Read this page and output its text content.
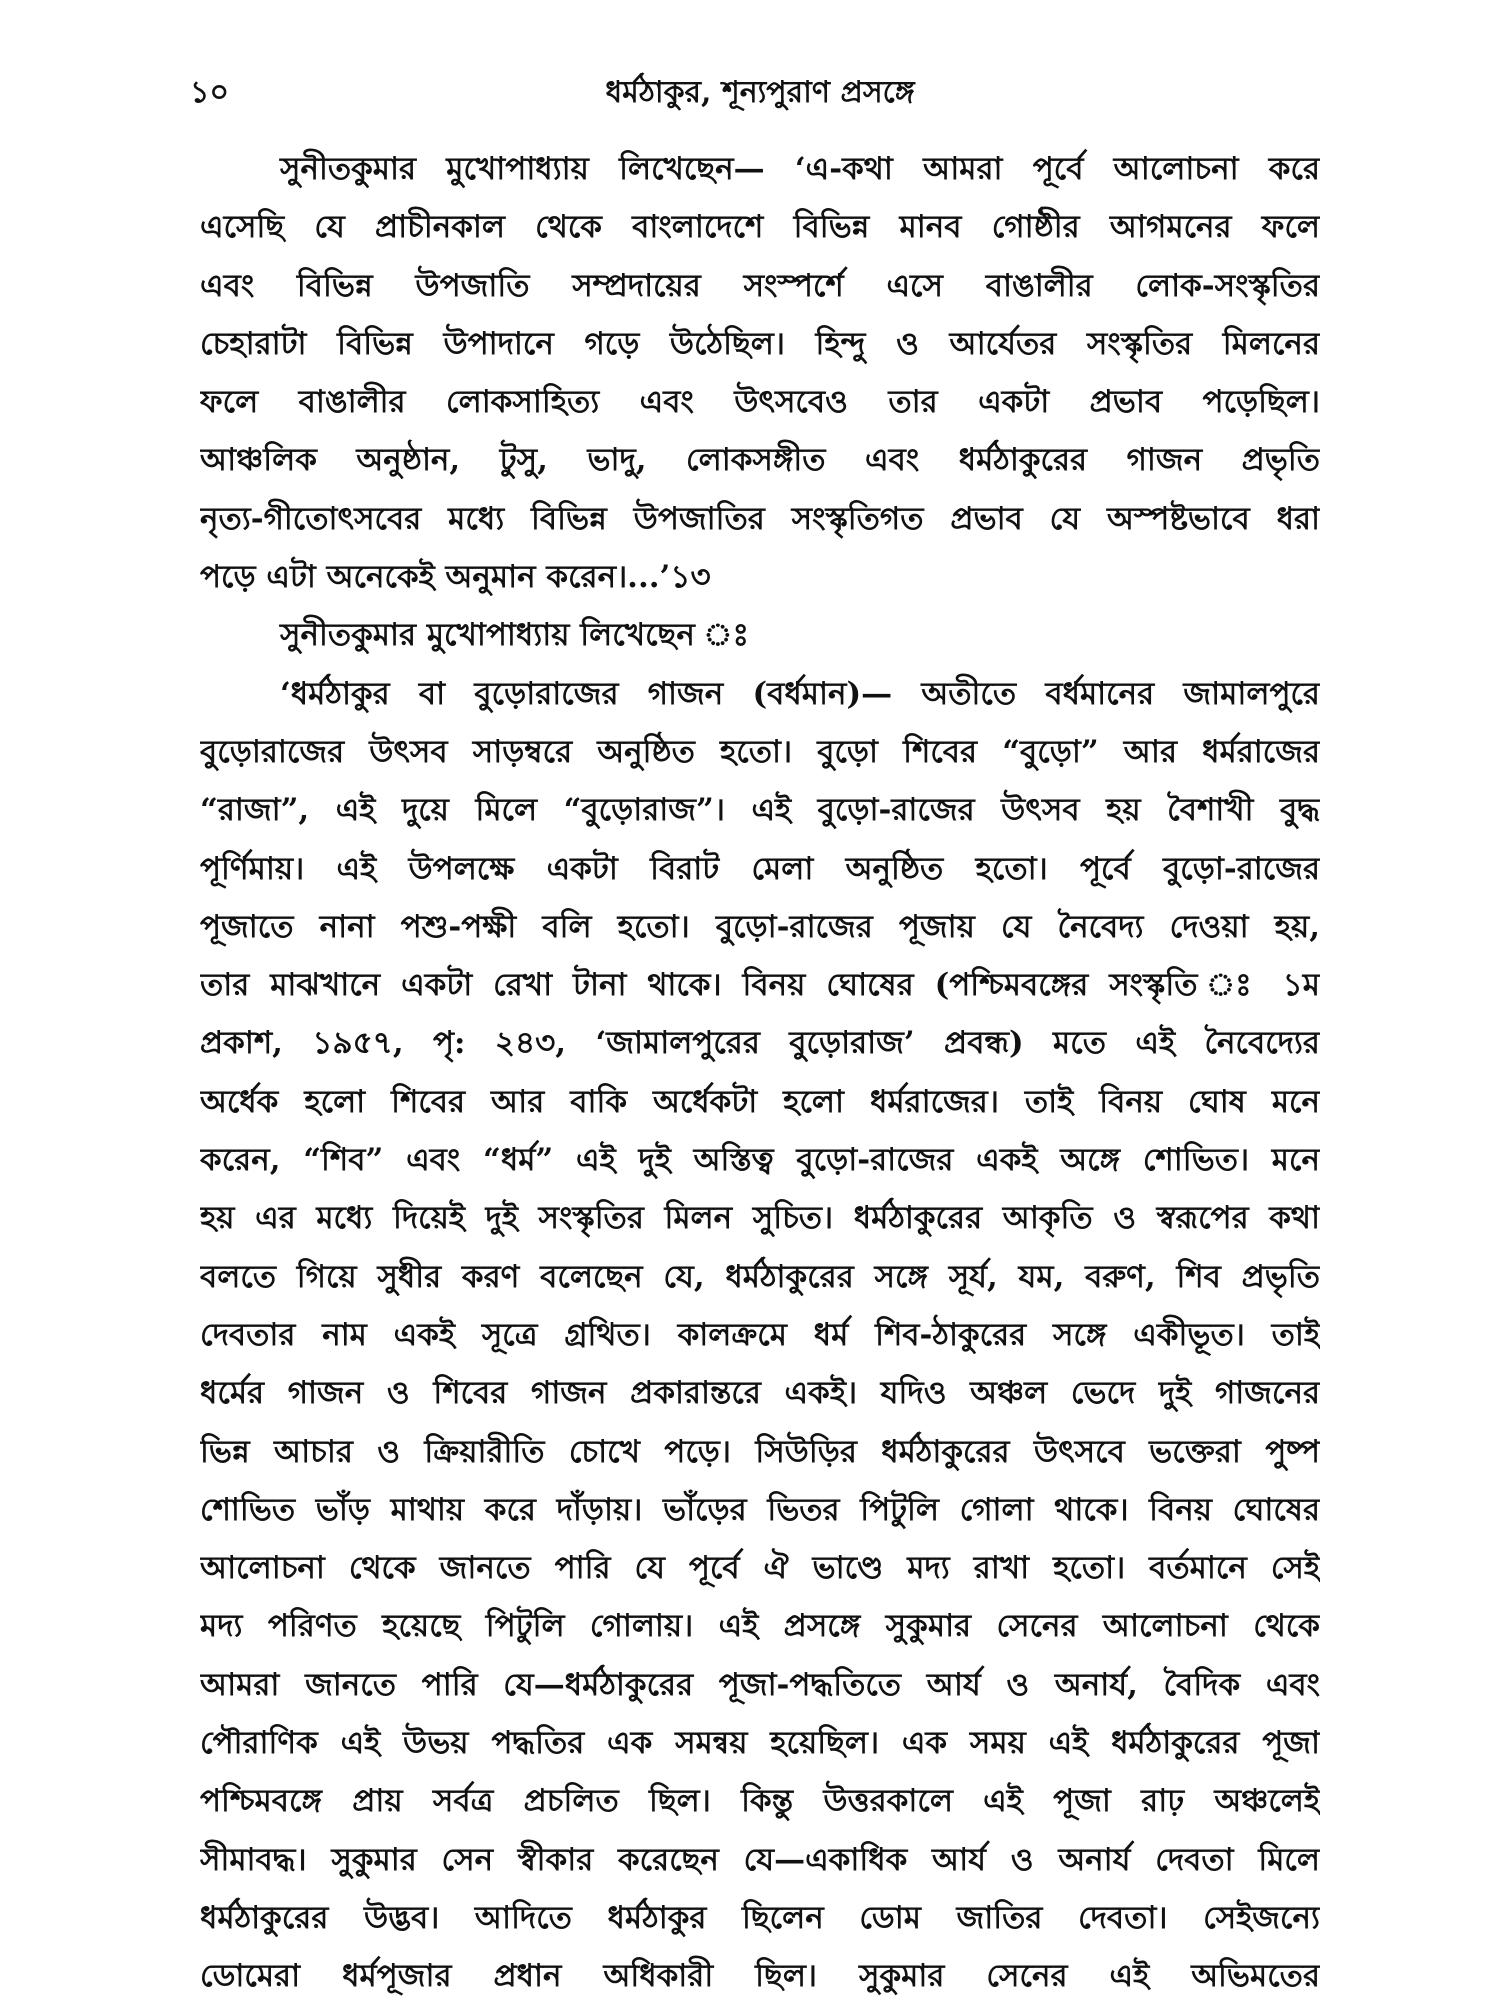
১০	ধর্মঠাকুর, শূন্যপুরাণ প্রসঙ্গে
সুনীতকুমার মুখোপাধ্যায় লিখেছেন— ‘এ-কথা আমরা পূর্বে আলোচনা করে
এসেছি যে প্রাচীনকাল থেকে বাংলাদেশে বিভিন্ন মানব গোষ্ঠীর আগমনের ফলে
এবং বিভিন্ন উপজাতি সম্প্রদায়ের সংস্পর্শে এসে বাঙালীর লোক-সংস্কৃতির
চেহারাটা বিভিন্ন উপাদানে গড়ে উঠেছিল। হিন্দু ও আর্যেতর সংস্কৃতির মিলনের
ফলে বাঙালীর লোকসাহিত্য এবং উৎসবেও তার একটা প্রভাব পড়েছিল।
আঞ্চলিক অনুষ্ঠান, টুসু, ভাদু, লোকসঙ্গীত এবং ধর্মঠাকুরের গাজন প্রভৃতি
নৃত্য-গীতোৎসবের মধ্যে বিভিন্ন উপজাতির সংস্কৃতিগত প্রভাব যে অস্পষ্টভাবে ধরা
পড়ে এটা অনেকেই অনুমান করেন।...’১৩
সুনীতকুমার মুখোপাধ্যায় লিখেছেন ঃ
‘ধর্মঠাকুর বা বুড়োরাজের গাজন (বর্ধমান)— অতীতে বর্ধমানের জামালপুরে
বুড়োরাজের উৎসব সাড়ম্বরে অনুষ্ঠিত হতো। বুড়ো শিবের “বুড়ো” আর ধর্মরাজের
“রাজা”, এই দুয়ে মিলে “বুড়োরাজ”। এই বুড়ো-রাজের উৎসব হয় বৈশাখী বুদ্ধ
পূর্ণিমায়। এই উপলক্ষে একটা বিরাট মেলা অনুষ্ঠিত হতো। পূর্বে বুড়ো-রাজের
পূজাতে নানা পশু-পক্ষী বলি হতো। বুড়ো-রাজের পূজায় যে নৈবেদ্য দেওয়া হয়,
তার মাঝখানে একটা রেখা টানা থাকে। বিনয় ঘোষের (পশ্চিমবঙ্গের সংস্কৃতি ঃ ১ম
প্রকাশ, ১৯৫৭, পৃ: ২৪৩, ‘জামালপুরের বুড়োরাজ’ প্রবন্ধ) মতে এই নৈবেদ্যের
অর্ধেক হলো শিবের আর বাকি অর্ধেকটা হলো ধর্মরাজের। তাই বিনয় ঘোষ মনে
করেন, “শিব” এবং “ধর্ম” এই দুই অস্তিত্ব বুড়ো-রাজের একই অঙ্গে শোভিত। মনে
হয় এর মধ্যে দিয়েই দুই সংস্কৃতির মিলন সুচিত। ধর্মঠাকুরের আকৃতি ও স্বরূপের কথা
বলতে গিয়ে সুধীর করণ বলেছেন যে, ধর্মঠাকুরের সঙ্গে সূর্য, যম, বরুণ, শিব প্রভৃতি
দেবতার নাম একই সূত্রে গ্রথিত। কালক্রমে ধর্ম শিব-ঠাকুরের সঙ্গে একীভূত। তাই
ধর্মের গাজন ও শিবের গাজন প্রকারান্তরে একই। যদিও অঞ্চল ভেদে দুই গাজনের
ভিন্ন আচার ও ক্রিয়ারীতি চোখে পড়ে। সিউড়ির ধর্মঠাকুরের উৎসবে ভক্তেরা পুষ্প
শোভিত ভাঁড় মাথায় করে দাঁড়ায়। ভাঁড়ের ভিতর পিটুলি গোলা থাকে। বিনয় ঘোষের
আলোচনা থেকে জানতে পারি যে পূর্বে ঐ ভাণ্ডে মদ্য রাখা হতো। বর্তমানে সেই
মদ্য পরিণত হয়েছে পিটুলি গোলায়। এই প্রসঙ্গে সুকুমার সেনের আলোচনা থেকে
আমরা জানতে পারি যে—ধর্মঠাকুরের পূজা-পদ্ধতিতে আর্য ও অনার্য, বৈদিক এবং
পৌরাণিক এই উভয় পদ্ধতির এক সমন্বয় হয়েছিল। এক সময় এই ধর্মঠাকুরের পূজা
পশ্চিমবঙ্গে প্রায় সর্বত্র প্রচলিত ছিল। কিন্তু উত্তরকালে এই পূজা রাঢ় অঞ্চলেই
সীমাবদ্ধ। সুকুমার সেন স্বীকার করেছেন যে—একাধিক আর্য ও অনার্য দেবতা মিলে
ধর্মঠাকুরের উদ্ভব। আদিতে ধর্মঠাকুর ছিলেন ডোম জাতির দেবতা। সেইজন্যে
ডোমেরা ধর্মপূজার প্রধান অধিকারী ছিল। সুকুমার সেনের এই অভিমতের
